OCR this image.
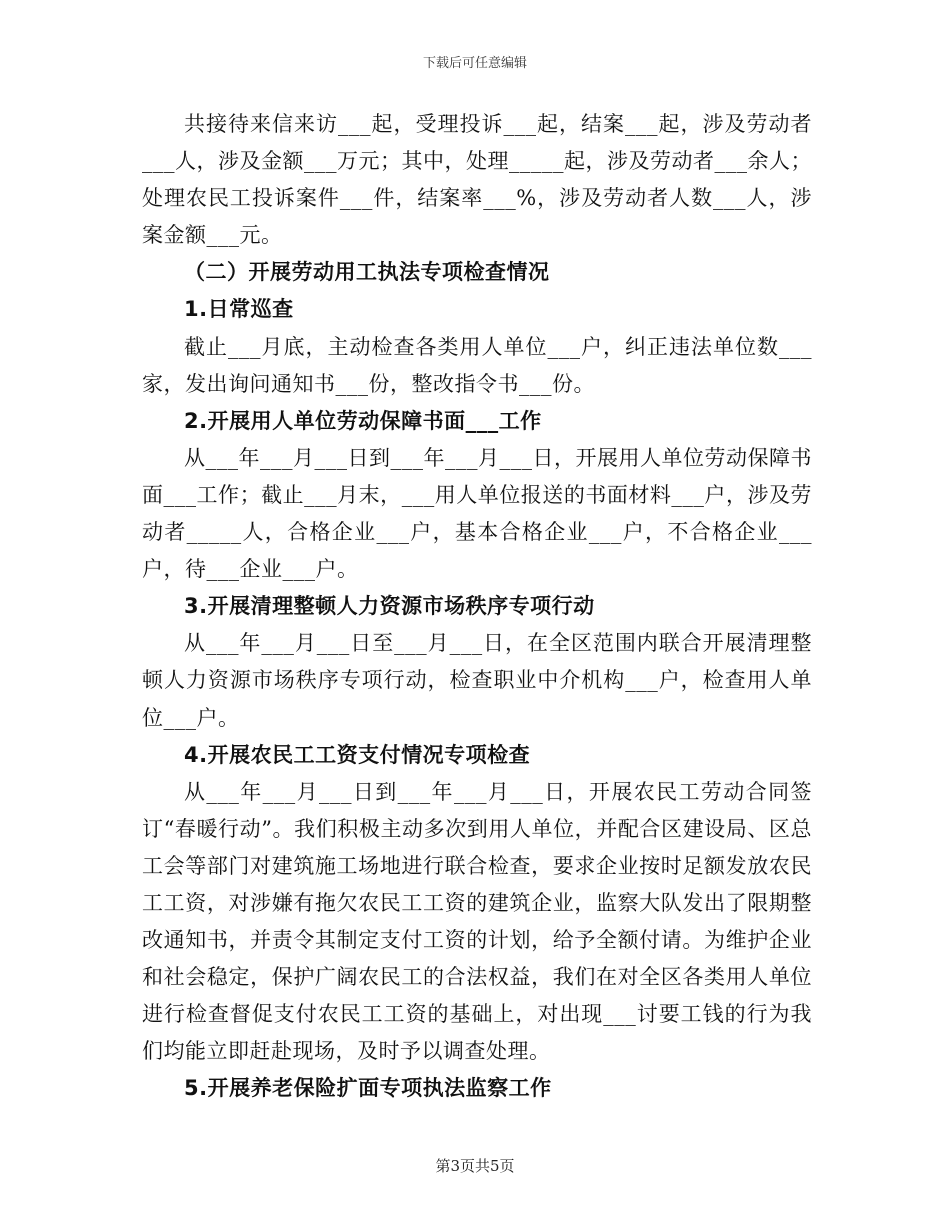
下载后可任意编辑

共接待来信来访___起，受理投诉___起，结案___起，涉及劳动者___人，涉及金额___万元；其中，处理_____起，涉及劳动者___余人；处理农民工投诉案件___件，结案率___%，涉及劳动者人数___人，涉案金额___元。

（二）开展劳动用工执法专项检查情况

1.日常巡查

截止___月底，主动检查各类用人单位___户，纠正违法单位数___家，发出询问通知书___份，整改指令书___份。

2.开展用人单位劳动保障书面___工作

从___年___月___日到___年___月___日，开展用人单位劳动保障书面___工作；截止___月末，___用人单位报送的书面材料___户，涉及劳动者_____人，合格企业___户，基本合格企业___户，不合格企业___户，待___企业___户。

3.开展清理整顿人力资源市场秩序专项行动

从___年___月___日至___月___日，在全区范围内联合开展清理整顿人力资源市场秩序专项行动，检查职业中介机构___户，检查用人单位___户。

4.开展农民工工资支付情况专项检查

从___年___月___日到___年___月___日，开展农民工劳动合同签订“春暖行动”。我们积极主动多次到用人单位，并配合区建设局、区总工会等部门对建筑施工场地进行联合检查，要求企业按时足额发放农民工工资，对涉嫌有拖欠农民工工资的建筑企业，监察大队发出了限期整改通知书，并责令其制定支付工资的计划，给予全额付请。为维护企业和社会稳定，保护广阔农民工的合法权益，我们在对全区各类用人单位进行检查督促支付农民工工资的基础上，对出现___讨要工钱的行为我们均能立即赶赴现场，及时予以调查处理。

5.开展养老保险扩面专项执法监察工作

第3页共5页
